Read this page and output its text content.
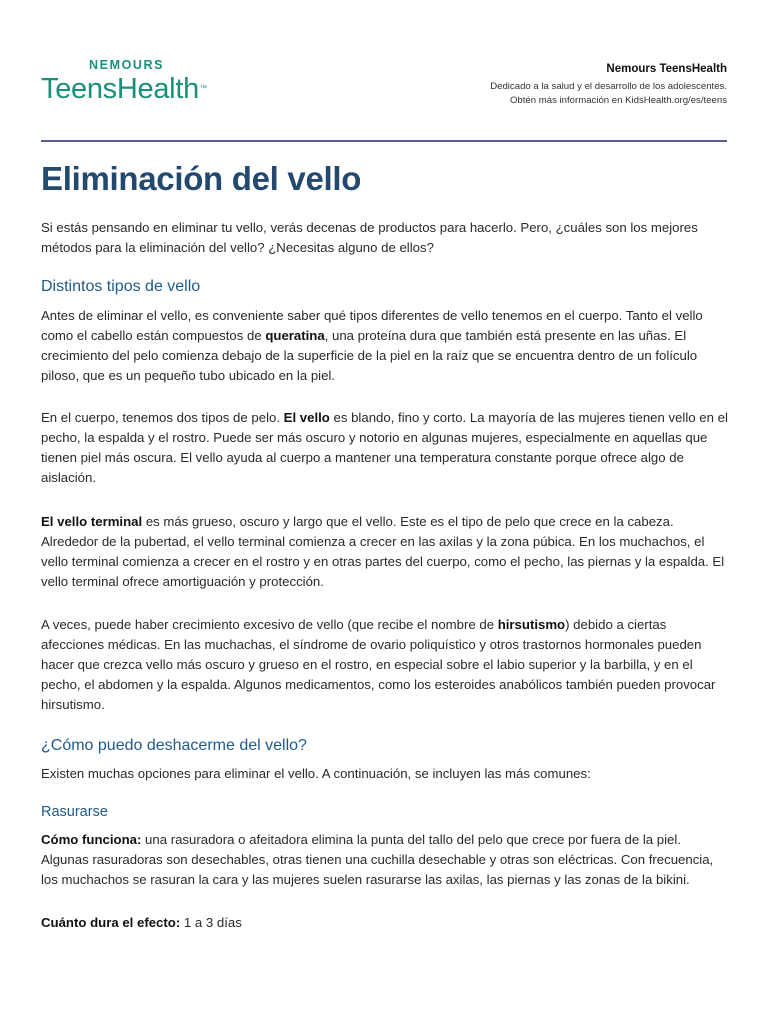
NEMOURS
TeensHealth™
Nemours TeensHealth
Dedicado a la salud y el desarrollo de los adolescentes.
Obtén más información en KidsHealth.org/es/teens
Eliminación del vello

Si estás pensando en eliminar tu vello, verás decenas de productos para hacerlo. Pero, ¿cuáles son los mejores métodos para la eliminación del vello? ¿Necesitas alguno de ellos?

Distintos tipos de vello

Antes de eliminar el vello, es conveniente saber qué tipos diferentes de vello tenemos en el cuerpo. Tanto el vello como el cabello están compuestos de queratina, una proteína dura que también está presente en las uñas. El crecimiento del pelo comienza debajo de la superficie de la piel en la raíz que se encuentra dentro de un folículo piloso, que es un pequeño tubo ubicado en la piel.

En el cuerpo, tenemos dos tipos de pelo. El vello es blando, fino y corto. La mayoría de las mujeres tienen vello en el pecho, la espalda y el rostro. Puede ser más oscuro y notorio en algunas mujeres, especialmente en aquellas que tienen piel más oscura. El vello ayuda al cuerpo a mantener una temperatura constante porque ofrece algo de aislación.

El vello terminal es más grueso, oscuro y largo que el vello. Este es el tipo de pelo que crece en la cabeza. Alrededor de la pubertad, el vello terminal comienza a crecer en las axilas y la zona púbica. En los muchachos, el vello terminal comienza a crecer en el rostro y en otras partes del cuerpo, como el pecho, las piernas y la espalda. El vello terminal ofrece amortiguación y protección.

A veces, puede haber crecimiento excesivo de vello (que recibe el nombre de hirsutismo) debido a ciertas afecciones médicas. En las muchachas, el síndrome de ovario poliquístico y otros trastornos hormonales pueden hacer que crezca vello más oscuro y grueso en el rostro, en especial sobre el labio superior y la barbilla, y en el pecho, el abdomen y la espalda. Algunos medicamentos, como los esteroides anabólicos también pueden provocar hirsutismo.

¿Cómo puedo deshacerme del vello?

Existen muchas opciones para eliminar el vello. A continuación, se incluyen las más comunes:

Rasurarse

Cómo funciona: una rasuradora o afeitadora elimina la punta del tallo del pelo que crece por fuera de la piel. Algunas rasuradoras son desechables, otras tienen una cuchilla desechable y otras son eléctricas. Con frecuencia, los muchachos se rasuran la cara y las mujeres suelen rasurarse las axilas, las piernas y las zonas de la bikini.

Cuánto dura el efecto: 1 a 3 días
